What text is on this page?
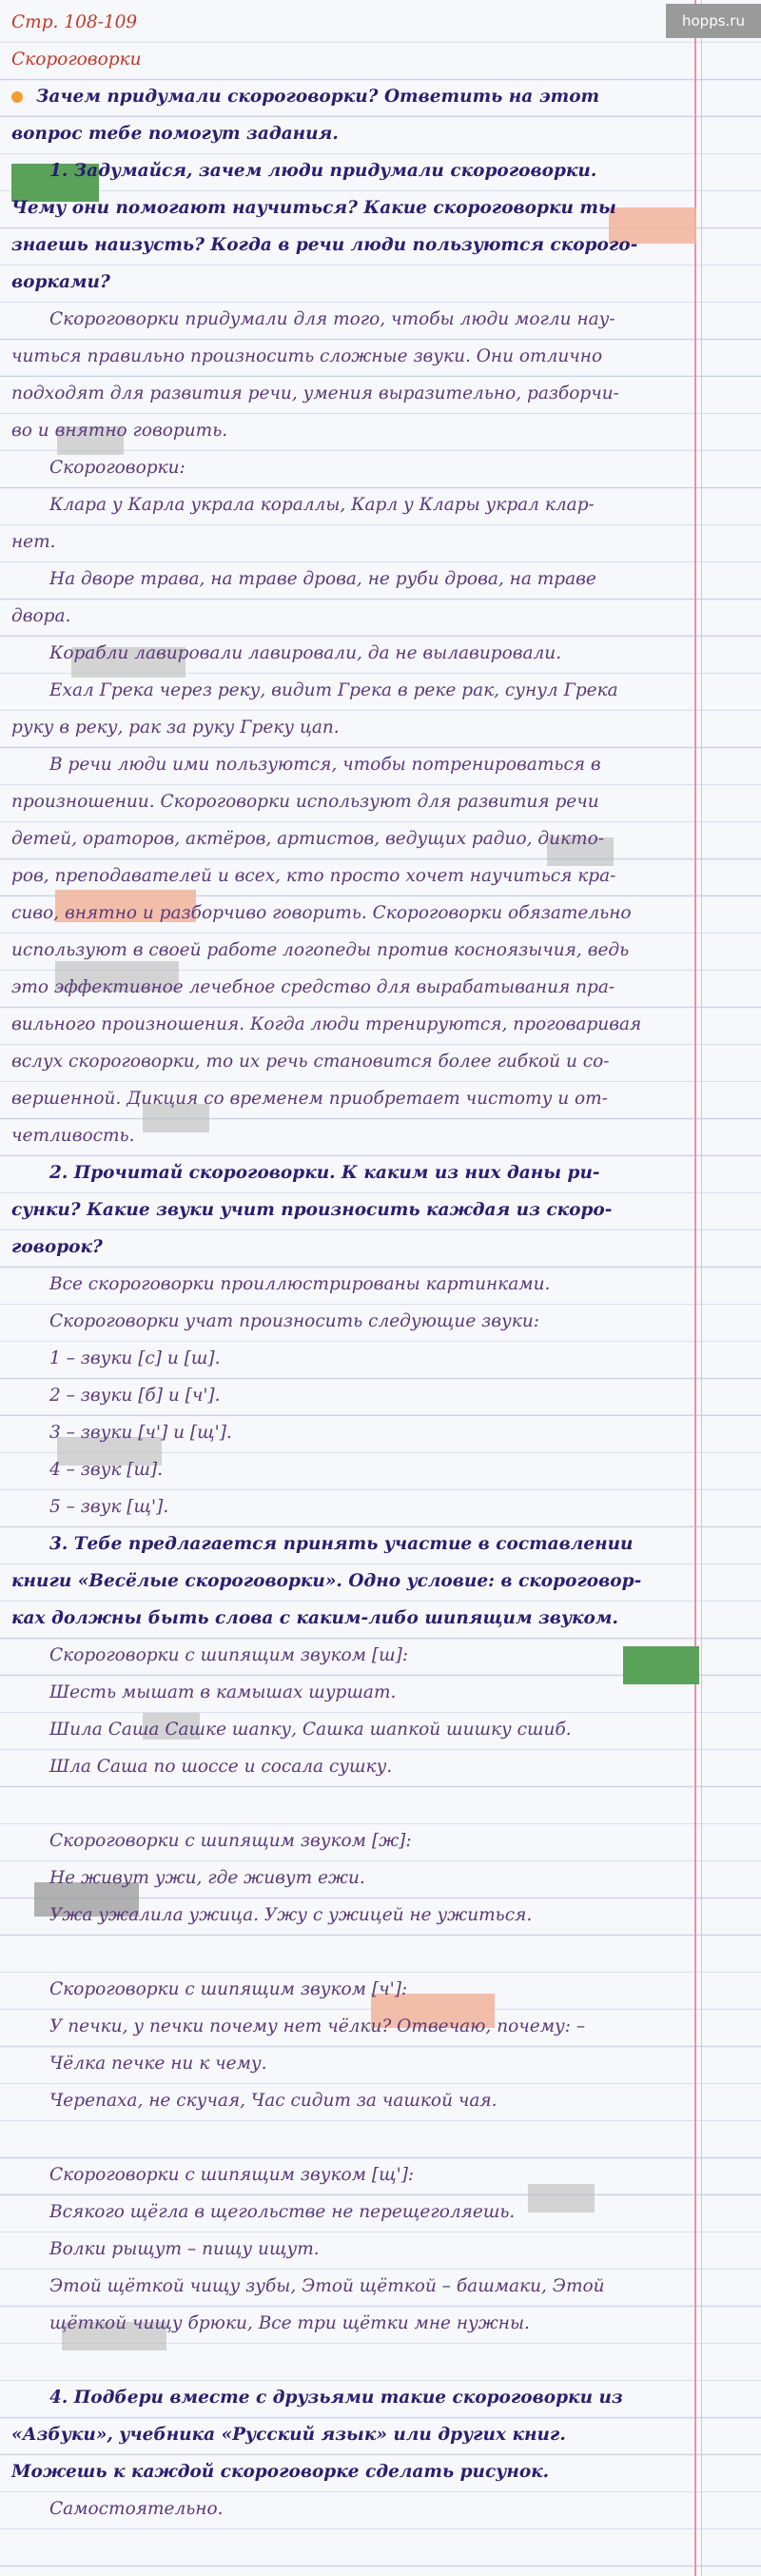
hopps.ru
Стр. 108-109
Скороговорки
Зачем придумали скороговорки? Ответить на этот
вопрос тебе помогут задания.
1. Задумайся, зачем люди придумали скороговорки.
Чему они помогают научиться? Какие скороговорки ты
знаешь наизусть? Когда в речи люди пользуются скорого-
ворками?
Скороговорки придумали для того, чтобы люди могли нау-
читься правильно произносить сложные звуки. Они отлично
подходят для развития речи, умения выразительно, разборчи-
во и внятно говорить.
Скороговорки:
Клара у Карла украла кораллы, Карл у Клары украл клар-
нет.
На дворе трава, на траве дрова, не руби дрова, на траве
двора.
Корабли лавировали лавировали, да не вылавировали.
Ехал Грека через реку, видит Грека в реке рак, сунул Грека
руку в реку, рак за руку Греку цап.
В речи люди ими пользуются, чтобы потренироваться в
произношении. Скороговорки используют для развития речи
детей, ораторов, актёров, артистов, ведущих радио, дикто-
ров, преподавателей и всех, кто просто хочет научиться кра-
сиво, внятно и разборчиво говорить. Скороговорки обязательно
используют в своей работе логопеды против косноязычия, ведь
это эффективное лечебное средство для вырабатывания пра-
вильного произношения. Когда люди тренируются, проговаривая
вслух скороговорки, то их речь становится более гибкой и со-
вершенной. Дикция со временем приобретает чистоту и от-
четливость.
2. Прочитай скороговорки. К каким из них даны ри-
сунки? Какие звуки учит произносить каждая из скоро-
говорок?
Все скороговорки проиллюстрированы картинками.
Скороговорки учат произносить следующие звуки:
1 – звуки [с] и [ш].
2 – звуки [б] и [ч'].
3 – звуки [ч'] и [щ'].
4 – звук [ш].
5 – звук [щ'].
3. Тебе предлагается принять участие в составлении
книги «Весёлые скороговорки». Одно условие: в скороговор-
ках должны быть слова с каким-либо шипящим звуком.
Скороговорки с шипящим звуком [ш]:
Шесть мышат в камышах шуршат.
Шила Саша Сашке шапку, Сашка шапкой шишку сшиб.
Шла Саша по шоссе и сосала сушку.
Скороговорки с шипящим звуком [ж]:
Не живут ужи, где живут ежи.
Ужа ужалила ужица. Ужу с ужицей не ужиться.
Скороговорки с шипящим звуком [ч']:
У печки, у печки почему нет чёлки? Отвечаю, почему: –
Чёлка печке ни к чему.
Черепаха, не скучая, Час сидит за чашкой чая.
Скороговорки с шипящим звуком [щ']:
Всякого щёгла в щегольстве не перещеголяешь.
Волки рыщут – пищу ищут.
Этой щёткой чищу зубы, Этой щёткой – башмаки, Этой
щёткой чищу брюки, Все три щётки мне нужны.
4. Подбери вместе с друзьями такие скороговорки из
«Азбуки», учебника «Русский язык» или других книг.
Можешь к каждой скороговорке сделать рисунок.
Самостоятельно.
